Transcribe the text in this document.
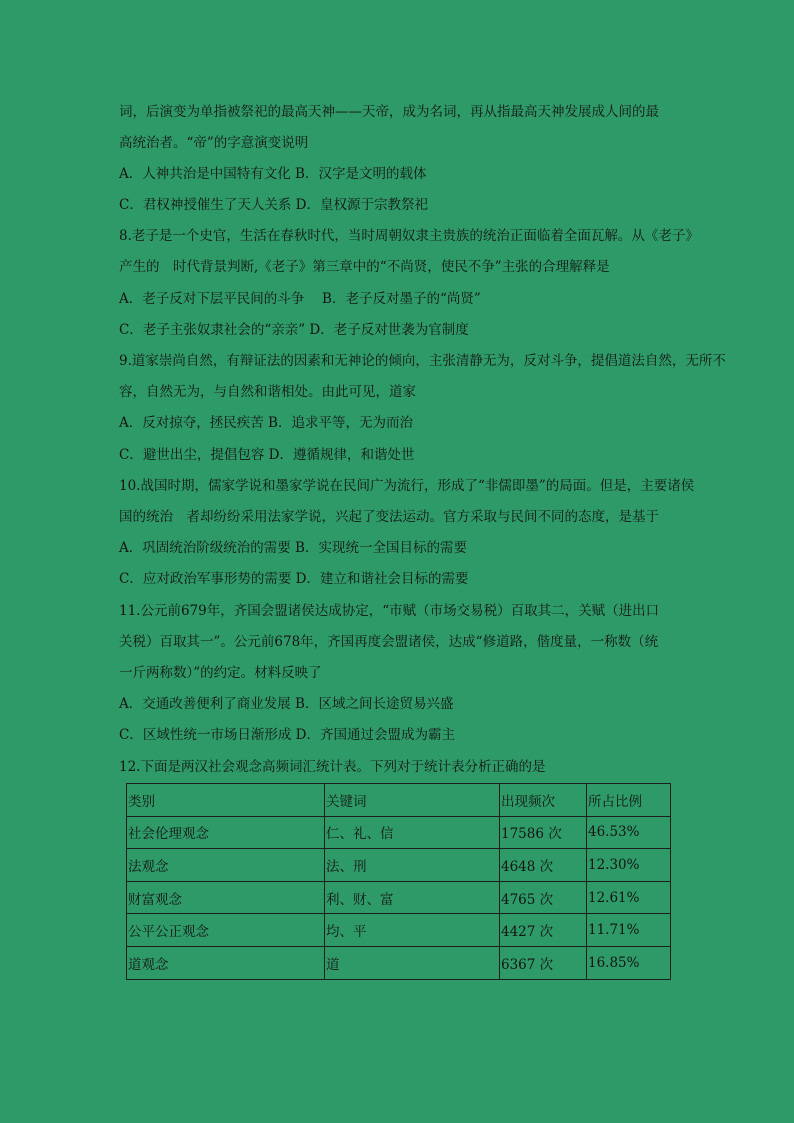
词，后演变为单指被祭祀的最高天神——天帝，成为名词，再从指最高天神发展成人间的最
高统治者。“帝”的字意演变说明
A．人神共治是中国特有文化 B．汉字是文明的载体
C．君权神授催生了天人关系 D．皇权源于宗教祭祀
8.老子是一个史官，生活在春秋时代，当时周朝奴隶主贵族的统治正面临着全面瓦解。从《老子》
产生的　时代背景判断,《老子》第三章中的“不尚贤，使民不争”主张的合理解释是
A．老子反对下层平民间的斗争　 B．老子反对墨子的“尚贤”
C．老子主张奴隶社会的“亲亲” D．老子反对世袭为官制度
9.道家崇尚自然，有辩证法的因素和无神论的倾向，主张清静无为，反对斗争，提倡道法自然，无所不
容，自然无为，与自然和谐相处。由此可见，道家
A．反对掠夺，拯民疾苦 B．追求平等，无为而治
C．避世出尘，提倡包容 D．遵循规律，和谐处世
10.战国时期，儒家学说和墨家学说在民间广为流行，形成了“非儒即墨”的局面。但是，主要诸侯
国的统治　者却纷纷采用法家学说，兴起了变法运动。官方采取与民间不同的态度，是基于
A．巩固统治阶级统治的需要 B．实现统一全国目标的需要
C．应对政治军事形势的需要 D．建立和谐社会目标的需要
11.公元前679年，齐国会盟诸侯达成协定，“市赋（市场交易税）百取其二，关赋（进出口
关税）百取其一”。公元前678年，齐国再度会盟诸侯，达成“修道路，偕度量，一称数（统
一斤两称数）”的约定。材料反映了
A．交通改善便利了商业发展 B．区域之间长途贸易兴盛
C．区域性统一市场日渐形成 D．齐国通过会盟成为霸主
12.下面是两汉社会观念高频词汇统计表。下列对于统计表分析正确的是
类别	关键词	出现频次	所占比例
社会伦理观念	仁、礼、信	17586 次	46.53%
法观念	法、刑	4648 次	12.30%
财富观念	利、财、富	4765 次	12.61%
公平公正观念	均、平	4427 次	11.71%
道观念	道	6367 次	16.85%
